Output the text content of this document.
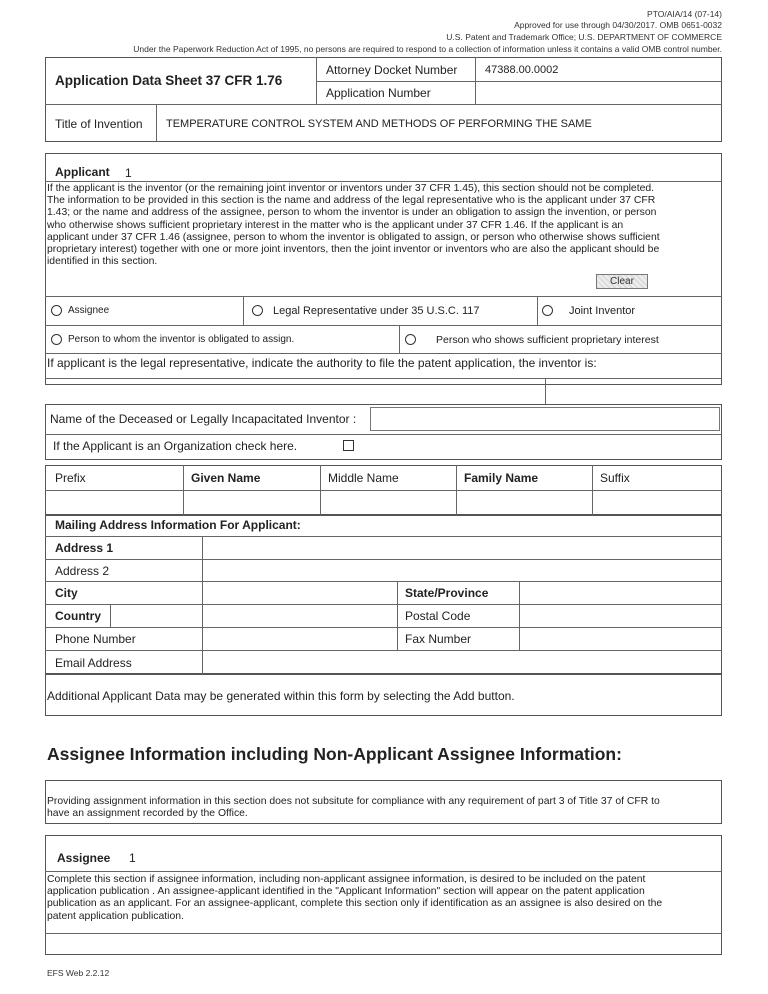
PTO/AIA/14 (07-14)
Approved for use through 04/30/2017. OMB 0651-0032
U.S. Patent and Trademark Office; U.S. DEPARTMENT OF COMMERCE
Under the Paperwork Reduction Act of 1995, no persons are required to respond to a collection of information unless it contains a valid OMB control number.
Application Data Sheet 37 CFR 1.76
Attorney Docket Number	47388.00.0002
Application Number
Title of Invention TEMPERATURE CONTROL SYSTEM AND METHODS OF PERFORMING THE SAME
Applicant 1
If the applicant is the inventor (or the remaining joint inventor or inventors under 37 CFR 1.45), this section should not be completed.
The information to be provided in this section is the name and address of the legal representative who is the applicant under 37 CFR
1.43; or the name and address of the assignee, person to whom the inventor is under an obligation to assign the invention, or person
who otherwise shows sufficient proprietary interest in the matter who is the applicant under 37 CFR 1.46. If the applicant is an
applicant under 37 CFR 1.46 (assignee, person to whom the inventor is obligated to assign, or person who otherwise shows sufficient
proprietary interest) together with one or more joint inventors, then the joint inventor or inventors who are also the applicant should be
identified in this section.
Clear
Assignee	Legal Representative under 35 U.S.C. 117	Joint Inventor
Person to whom the inventor is obligated to assign.	Person who shows sufficient proprietary interest
If applicant is the legal representative, indicate the authority to file the patent application, the inventor is:
Name of the Deceased or Legally Incapacitated Inventor :
If the Applicant is an Organization check here.
Prefix	Given Name	Middle Name	Family Name	Suffix
Mailing Address Information For Applicant:
Address 1
Address 2
City	State/Province
Country	Postal Code
Phone Number	Fax Number
Email Address
Additional Applicant Data may be generated within this form by selecting the Add button.
Assignee Information including Non-Applicant Assignee Information:
Providing assignment information in this section does not subsitute for compliance with any requirement of part 3 of Title 37 of CFR to
have an assignment recorded by the Office.
Assignee 1
Complete this section if assignee information, including non-applicant assignee information, is desired to be included on the patent
application publication . An assignee-applicant identified in the "Applicant Information" section will appear on the patent application
publication as an applicant. For an assignee-applicant, complete this section only if identification as an assignee is also desired on the
patent application publication.
EFS Web 2.2.12
